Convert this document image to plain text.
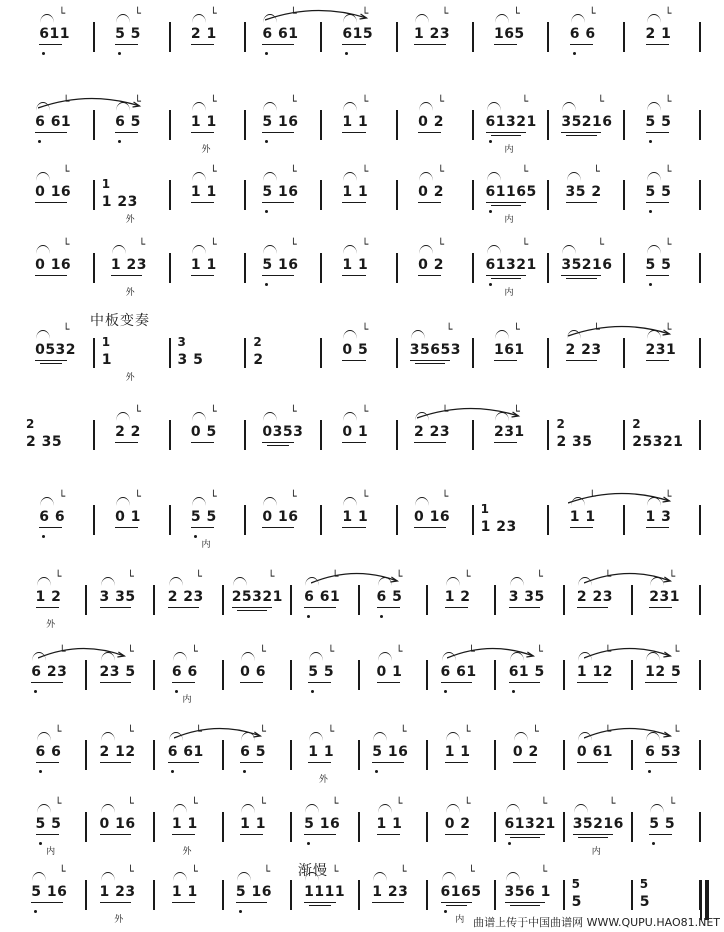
611
└
5 5
└
2 1
└
6 61
└
615
└
1 23
└
165
└
6 6
└
2 1
└
6 61
└
6 5
└
1 1
└
外
5 16
└
1 1
└
0 2
└
61321
└
内
35216
└
5 5
└
0 16
└
1
1 23
外
1 1
└
5 16
└
1 1
└
0 2
└
61165
└
内
35 2
└
5 5
└
0 16
└
1 23
└
外
1 1
└
5 16
└
1 1
└
0 2
└
61321
└
内
35216
└
5 5
└
0532
└
1
1
外
3
3 5
2
2
0 5
└
35653
└
161
└
2 23
└
231
└
2
2 35
2 2
└
0 5
└
0353
└
0 1
└
2 23
└
231
└
2
2 35
2
25321
6 6
└
0 1
└
5 5
└
内
0 16
└
1 1
└
0 16
└
1
1 23
1 1
└
1 3
└
1 2
└
外
3 35
└
2 23
└
25321
└
6 61
└
6 5
└
1 2
└
3 35
└
2 23
└
231
└
6 23
└
23 5
└
6 6
└
内
0 6
└
5 5
└
0 1
└
6 61
└
61 5
└
1 12
└
12 5
└
6 6
└
2 12
└
6 61
└
6 5
└
1 1
└
外
5 16
└
1 1
└
0 2
└
0 61
└
6 53
└
5 5
└
内
0 16
└
1 1
└
外
1 1
└
5 16
└
1 1
└
0 2
└
61321
└
35216
└
内
5 5
└
5 16
└
1 23
└
外
1 1
└
5 16
└
1111
└
1 23
└
6165
└
内
356 1
└
5
5
5
5
中板变奏
渐慢
曲谱上传于中国曲谱网 WWW.QUPU.HAO81.NET
